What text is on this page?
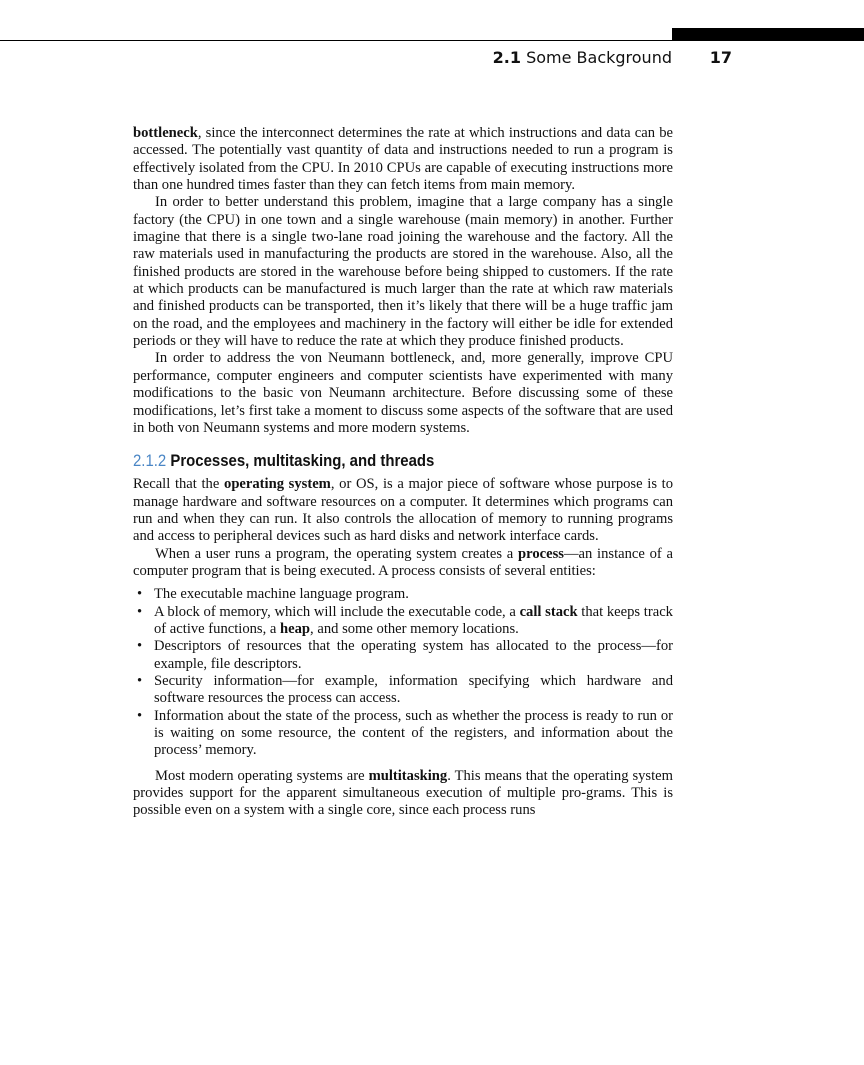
2.1 Some Background 17

bottleneck, since the interconnect determines the rate at which instructions and data can be accessed. The potentially vast quantity of data and instructions needed to run a program is effectively isolated from the CPU. In 2010 CPUs are capable of executing instructions more than one hundred times faster than they can fetch items from main memory.

In order to better understand this problem, imagine that a large company has a single factory (the CPU) in one town and a single warehouse (main memory) in another. Further imagine that there is a single two-lane road joining the warehouse and the factory. All the raw materials used in manufacturing the products are stored in the warehouse. Also, all the finished products are stored in the warehouse before being shipped to customers. If the rate at which products can be manufactured is much larger than the rate at which raw materials and finished products can be transported, then it’s likely that there will be a huge traffic jam on the road, and the employees and machinery in the factory will either be idle for extended periods or they will have to reduce the rate at which they produce finished products.

In order to address the von Neumann bottleneck, and, more generally, improve CPU performance, computer engineers and computer scientists have experimented with many modifications to the basic von Neumann architecture. Before discussing some of these modifications, let’s first take a moment to discuss some aspects of the software that are used in both von Neumann systems and more modern systems.

2.1.2 Processes, multitasking, and threads

Recall that the operating system, or OS, is a major piece of software whose purpose is to manage hardware and software resources on a computer. It determines which programs can run and when they can run. It also controls the allocation of memory to running programs and access to peripheral devices such as hard disks and network interface cards.

When a user runs a program, the operating system creates a process—an instance of a computer program that is being executed. A process consists of several entities:

• The executable machine language program.
• A block of memory, which will include the executable code, a call stack that keeps track of active functions, a heap, and some other memory locations.
• Descriptors of resources that the operating system has allocated to the process—for example, file descriptors.
• Security information—for example, information specifying which hardware and software resources the process can access.
• Information about the state of the process, such as whether the process is ready to run or is waiting on some resource, the content of the registers, and information about the process’ memory.

Most modern operating systems are multitasking. This means that the operating system provides support for the apparent simultaneous execution of multiple pro-grams. This is possible even on a system with a single core, since each process runs
